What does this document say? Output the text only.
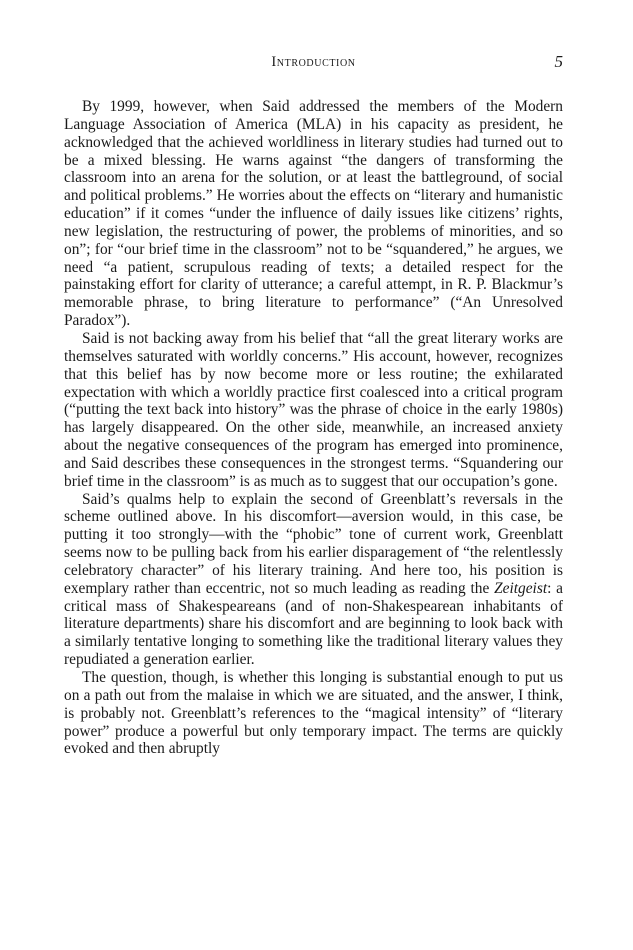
Introduction	5

By 1999, however, when Said addressed the members of the Modern Language Association of America (MLA) in his capacity as president, he acknowledged that the achieved worldliness in literary studies had turned out to be a mixed blessing. He warns against “the dangers of transforming the classroom into an arena for the solution, or at least the battleground, of social and political problems.” He worries about the effects on “literary and humanistic education” if it comes “under the influence of daily issues like citizens’ rights, new legislation, the restructuring of power, the problems of minorities, and so on”; for “our brief time in the classroom” not to be “squandered,” he argues, we need “a patient, scrupulous reading of texts; a detailed respect for the painstaking effort for clarity of utterance; a careful attempt, in R. P. Blackmur’s memorable phrase, to bring literature to performance” (“An Unresolved Paradox”).

Said is not backing away from his belief that “all the great literary works are themselves saturated with worldly concerns.” His account, however, recognizes that this belief has by now become more or less routine; the exhilarated expectation with which a worldly practice first coalesced into a critical program (“putting the text back into history” was the phrase of choice in the early 1980s) has largely disappeared. On the other side, meanwhile, an increased anxiety about the negative consequences of the program has emerged into prominence, and Said describes these consequences in the strongest terms. “Squandering our brief time in the classroom” is as much as to suggest that our occupation’s gone.

Said’s qualms help to explain the second of Greenblatt’s reversals in the scheme outlined above. In his discomfort—aversion would, in this case, be putting it too strongly—with the “phobic” tone of current work, Greenblatt seems now to be pulling back from his earlier disparagement of “the relentlessly celebratory character” of his literary training. And here too, his position is exemplary rather than eccentric, not so much leading as reading the Zeitgeist: a critical mass of Shakespeareans (and of non-Shakespearean inhabitants of literature departments) share his discomfort and are beginning to look back with a similarly tentative longing to something like the traditional literary values they repudiated a generation earlier.

The question, though, is whether this longing is substantial enough to put us on a path out from the malaise in which we are situated, and the answer, I think, is probably not. Greenblatt’s references to the “magical intensity” of “literary power” produce a powerful but only temporary impact. The terms are quickly evoked and then abruptly
